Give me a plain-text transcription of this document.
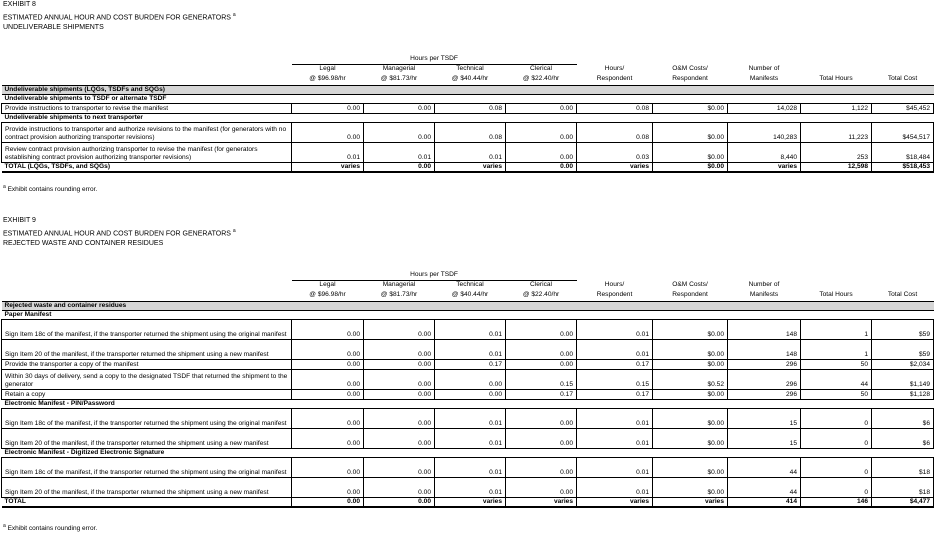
EXHIBIT 8
ESTIMATED ANNUAL HOUR AND COST BURDEN FOR GENERATORS $^a$
UNDELIVERABLE SHIPMENTS
	Hours per TSDF								
	Legal	Managerial	Technical	Clerical	Hours/	O&M Costs/	Number of		
	@ $96.98/hr	@ $81.73/hr	@ $40.44/hr	@ $22.40/hr	Respondent	Respondent	Manifests	Total Hours	Total Cost
Undeliverable shipments (LQGs, TSDFs and SQGs)									
Undeliverable shipments to TSDF or alternate TSDF									
Provide instructions to transporter to revise the manifest	0.00	0.00	0.08	0.00	0.08	$0.00	14,028	1,122	$45,452
Undeliverable shipments to next transporter									
Provide instructions to transporter and authorize revisions to the manifest (for generators with no contract provision authorizing transporter revisions)	0.00	0.00	0.08	0.00	0.08	$0.00	140,283	11,223	$454,517
Review contract provision authorizing transporter to revise the manifest (for generators establishing contract provision authorizing transporter revisions)	0.01	0.01	0.01	0.00	0.03	$0.00	8,440	253	$18,484
TOTAL (LQGs, TSDFs, and SQGs)	varies	0.00	varies	0.00	varies	$0.00	varies	12,598	$518,453
$^a$ Exhibit contains rounding error.
EXHIBIT 9
ESTIMATED ANNUAL HOUR AND COST BURDEN FOR GENERATORS $^a$
REJECTED WASTE AND CONTAINER RESIDUES
	Hours per TSDF								
	Legal	Managerial	Technical	Clerical	Hours/	O&M Costs/	Number of		
	@ $96.98/hr	@ $81.73/hr	@ $40.44/hr	@ $22.40/hr	Respondent	Respondent	Manifests	Total Hours	Total Cost
Rejected waste and container residues									
Paper Manifest									
Sign Item 18c of the manifest, if the transporter returned the shipment using the original manifest	0.00	0.00	0.01	0.00	0.01	$0.00	148	1	$59
Sign Item 20 of the manifest, if the transporter returned the shipment using a new manifest	0.00	0.00	0.01	0.00	0.01	$0.00	148	1	$59
Provide the transporter a copy of the manifest	0.00	0.00	0.17	0.00	0.17	$0.00	296	50	$2,034
Within 30 days of delivery, send a copy to the designated TSDF that returned the shipment to the generator	0.00	0.00	0.00	0.15	0.15	$0.52	296	44	$1,149
Retain a copy	0.00	0.00	0.00	0.17	0.17	$0.00	296	50	$1,128
Electronic Manifest - PIN/Password									
Sign Item 18c of the manifest, if the transporter returned the shipment using the original manifest	0.00	0.00	0.01	0.00	0.01	$0.00	15	0	$6
Sign Item 20 of the manifest, if the transporter returned the shipment using a new manifest	0.00	0.00	0.01	0.00	0.01	$0.00	15	0	$6
Electronic Manifest - Digitized Electronic Signature									
Sign Item 18c of the manifest, if the transporter returned the shipment using the original manifest	0.00	0.00	0.01	0.00	0.01	$0.00	44	0	$18
Sign Item 20 of the manifest, if the transporter returned the shipment using a new manifest	0.00	0.00	0.01	0.00	0.01	$0.00	44	0	$18
TOTAL	0.00	0.00	varies	varies	varies	varies	414	146	$4,477
$^a$ Exhibit contains rounding error.
